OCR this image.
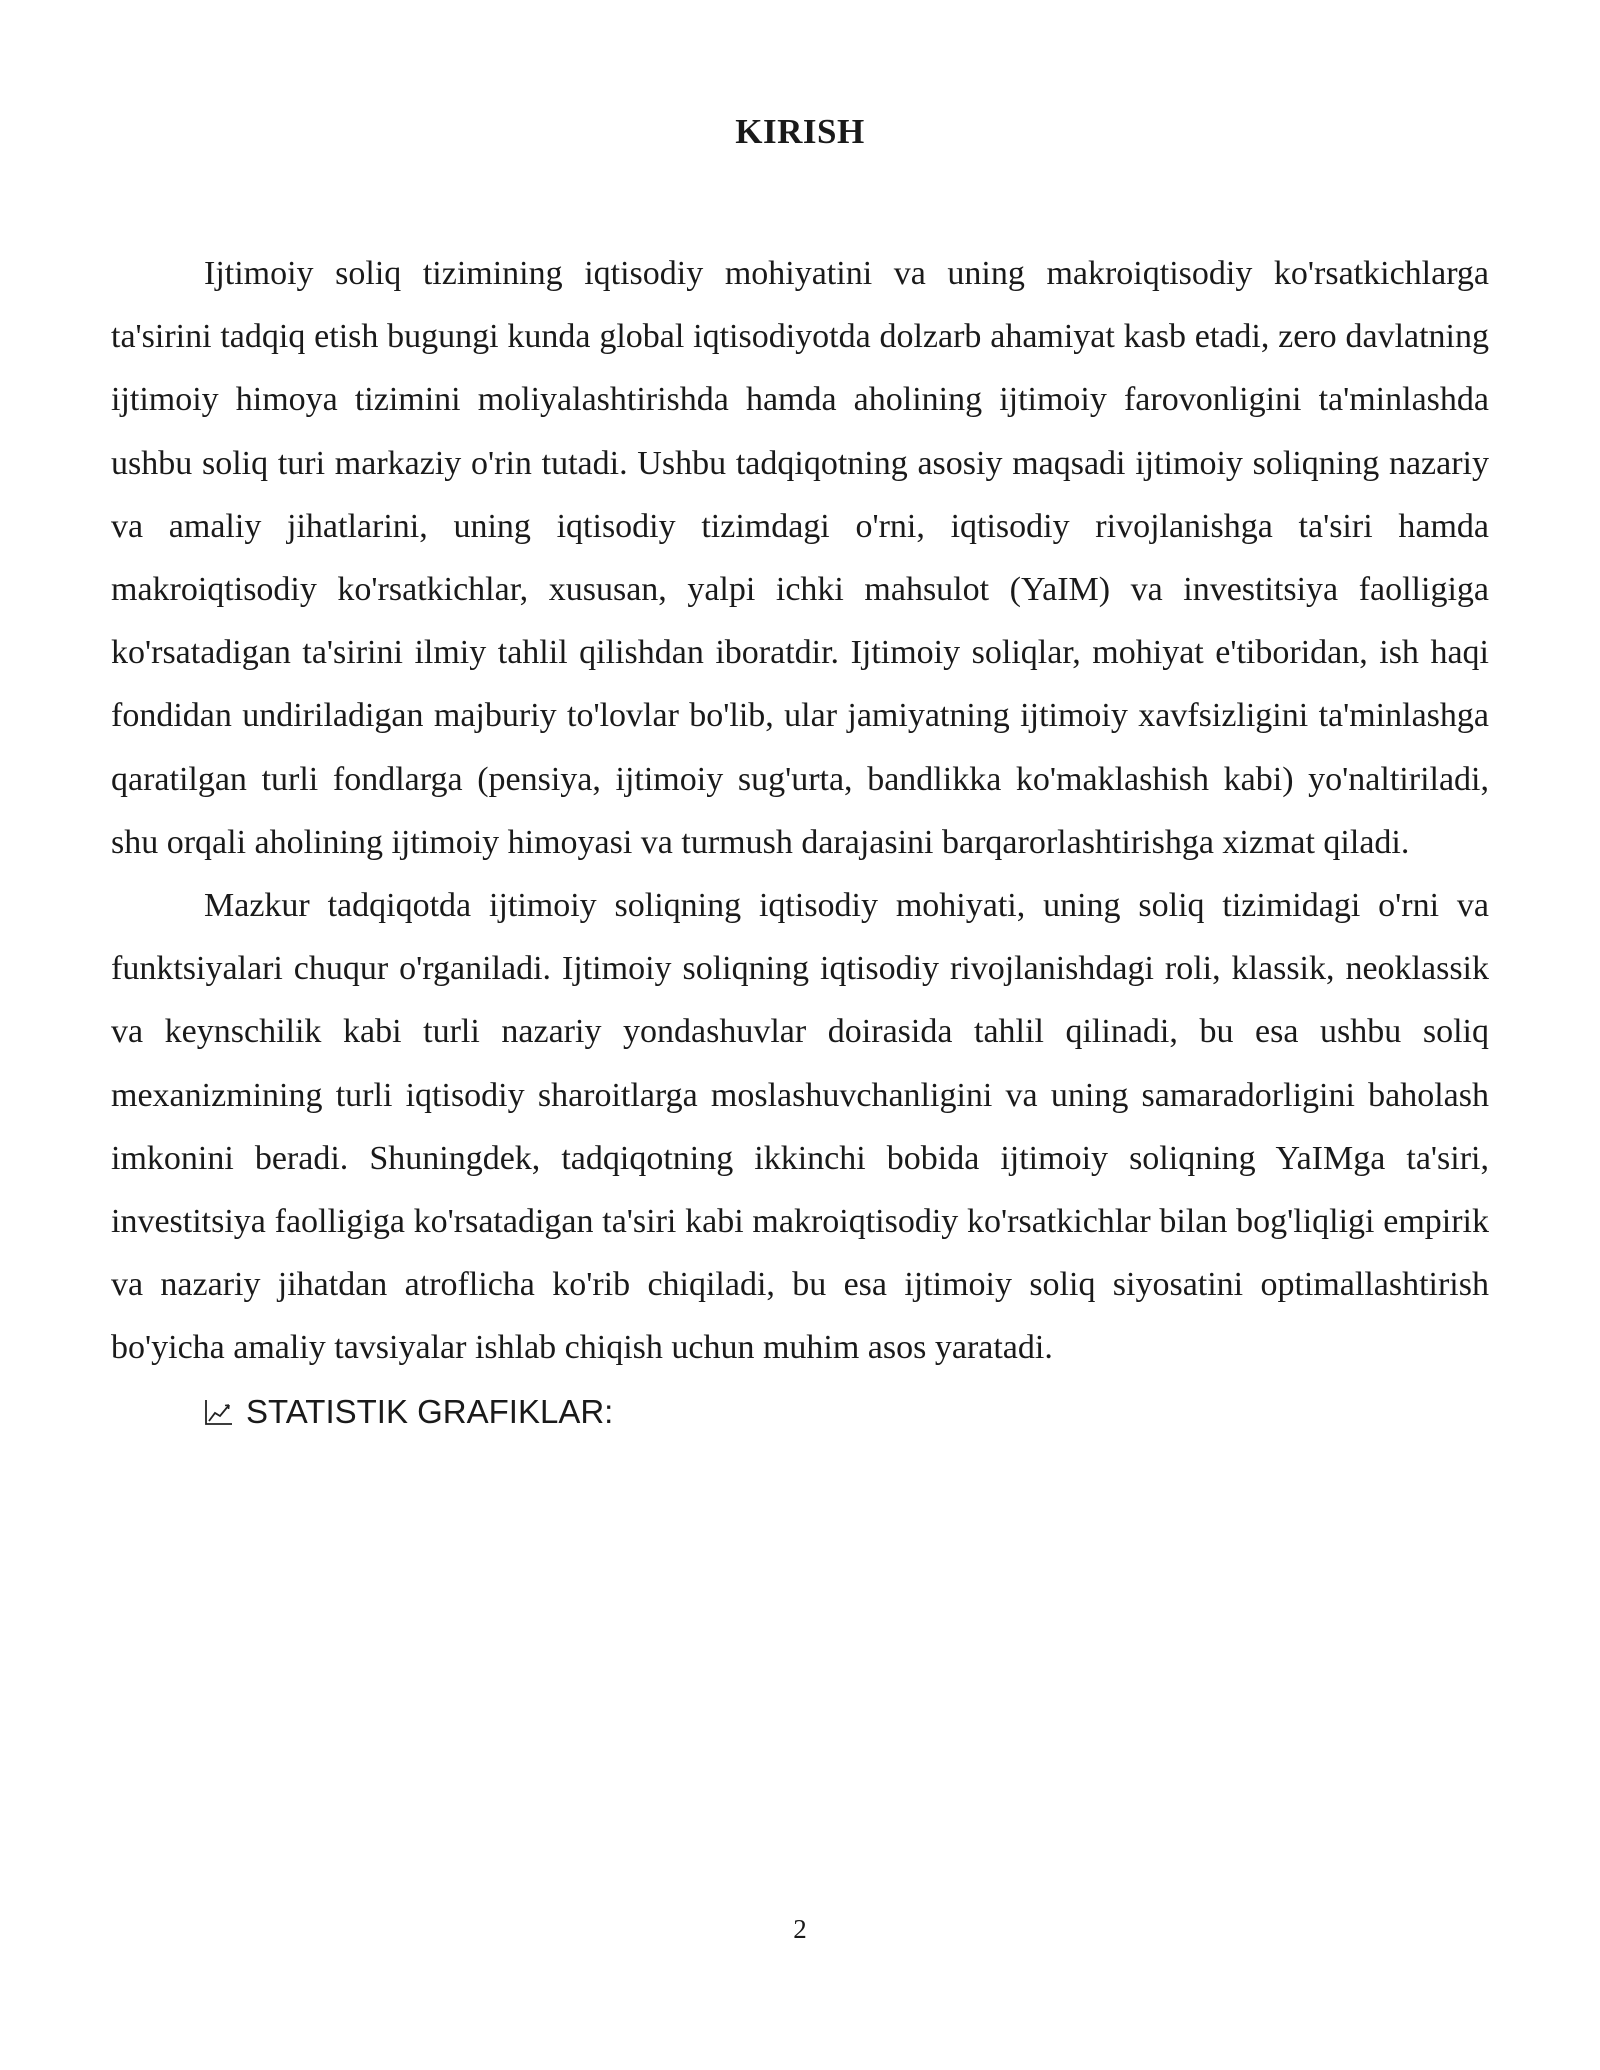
KIRISH

Ijtimoiy soliq tizimining iqtisodiy mohiyatini va uning makroiqtisodiy ko'rsatkichlarga ta'sirini tadqiq etish bugungi kunda global iqtisodiyotda dolzarb ahamiyat kasb etadi, zero davlatning ijtimoiy himoya tizimini moliyalashtirishda hamda aholining ijtimoiy farovonligini ta'minlashda ushbu soliq turi markaziy o'rin tutadi. Ushbu tadqiqotning asosiy maqsadi ijtimoiy soliqning nazariy va amaliy jihatlarini, uning iqtisodiy tizimdagi o'rni, iqtisodiy rivojlanishga ta'siri hamda makroiqtisodiy ko'rsatkichlar, xususan, yalpi ichki mahsulot (YaIM) va investitsiya faolligiga ko'rsatadigan ta'sirini ilmiy tahlil qilishdan iboratdir. Ijtimoiy soliqlar, mohiyat e'tiboridan, ish haqi fondidan undiriladigan majburiy to'lovlar bo'lib, ular jamiyatning ijtimoiy xavfsizligini ta'minlashga qaratilgan turli fondlarga (pensiya, ijtimoiy sug'urta, bandlikka ko'maklashish kabi) yo'naltiriladi, shu orqali aholining ijtimoiy himoyasi va turmush darajasini barqarorlashtirishga xizmat qiladi.

Mazkur tadqiqotda ijtimoiy soliqning iqtisodiy mohiyati, uning soliq tizimidagi o'rni va funktsiyalari chuqur o'rganiladi. Ijtimoiy soliqning iqtisodiy rivojlanishdagi roli, klassik, neoklassik va keynschilik kabi turli nazariy yondashuvlar doirasida tahlil qilinadi, bu esa ushbu soliq mexanizmining turli iqtisodiy sharoitlarga moslashuvchanligini va uning samaradorligini baholash imkonini beradi. Shuningdek, tadqiqotning ikkinchi bobida ijtimoiy soliqning YaIMga ta'siri, investitsiya faolligiga ko'rsatadigan ta'siri kabi makroiqtisodiy ko'rsatkichlar bilan bog'liqligi empirik va nazariy jihatdan atroflicha ko'rib chiqiladi, bu esa ijtimoiy soliq siyosatini optimallashtirish bo'yicha amaliy tavsiyalar ishlab chiqish uchun muhim asos yaratadi.

STATISTIK GRAFIKLAR:

2
